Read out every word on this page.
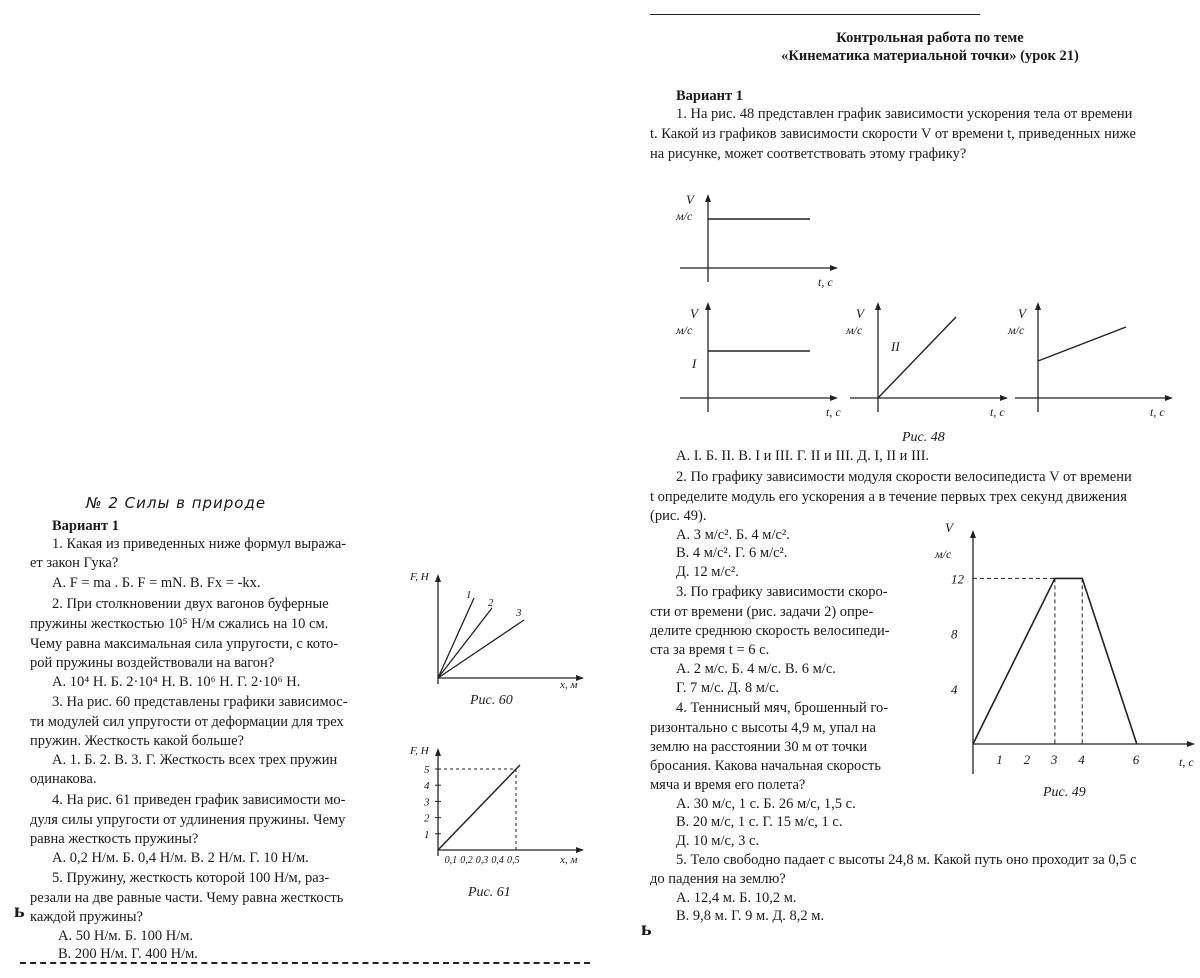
Контрольная работа по теме
«Кинематика материальной точки» (урок 21)
Вариант 1
1. На рис. 48 представлен график зависимости ускорения тела от времени
t. Какой из графиков зависимости скорости V от времени t, приведенных ниже
на рисунке, может соответствовать этому графику?
V
м/с
t, c
V
м/с
I
t, c
V
м/с
II
t, c
V
м/с
t, c
Рис. 48
А. I. Б. II. В. I и III. Г. II и III. Д. I, II и III.
2. По графику зависимости модуля скорости велосипедиста V от времени
t определите модуль его ускорения а в течение первых трех секунд движения
(рис. 49).
А. 3 м/с². Б. 4 м/с².
В. 4 м/с². Г. 6 м/с².
Д. 12 м/с².
3. По графику зависимости скоро-
сти от времени (рис. задачи 2) опре-
делите среднюю скорость велосипеди-
ста за время t = 6 с.
А. 2 м/с. Б. 4 м/с. В. 6 м/с.
Г. 7 м/с. Д. 8 м/с.
4. Теннисный мяч, брошенный го-
ризонтально с высоты 4,9 м, упал на
землю на расстоянии 30 м от точки
бросания. Какова начальная скорость
мяча и время его полета?
А. 30 м/с, 1 с. Б. 26 м/с, 1,5 с.
В. 20 м/с, 1 с. Г. 15 м/с, 1 с.
Д. 10 м/с, 3 с.
5. Тело свободно падает с высоты 24,8 м. Какой путь оно проходит за 0,5 с
до падения на землю?
А. 12,4 м. Б. 10,2 м.
В. 9,8 м. Г. 9 м. Д. 8,2 м.
V
м/с
t, c
12
8
4
1 2 3 4	6
Рис. 49
ь
№ 2 Силы в природе
Вариант 1
1. Какая из приведенных ниже формул выража-
ет закон Гука?
А. F = ma . Б. F = mN. В. Fx = -kx.
2. При столкновении двух вагонов буферные
пружины жесткостью 10⁵ Н/м сжались на 10 см.
Чему равна максимальная сила упругости, с кото-
рой пружины воздействовали на вагон?
А. 10⁴ Н. Б. 2·10⁴ Н. В. 10⁶ Н. Г. 2·10⁶ Н.
3. На рис. 60 представлены графики зависимос-
ти модулей сил упругости от деформации для трех
пружин. Жесткость какой больше?
А. 1. Б. 2. В. 3. Г. Жесткость всех трех пружин
одинакова.
4. На рис. 61 приведен график зависимости мо-
дуля силы упругости от удлинения пружины. Чему
равна жесткость пружины?
А. 0,2 Н/м. Б. 0,4 Н/м. В. 2 Н/м. Г. 10 Н/м.
5. Пружину, жесткость которой 100 Н/м, раз-
резали на две равные части. Чему равна жесткость
каждой пружины?
А. 50 Н/м. Б. 100 Н/м.
В. 200 Н/м. Г. 400 Н/м.
ь
F, H
x, м
1
2
3
Рис. 60
F, H
x, м
5
4
3
2
1
0,1 0,2 0,3 0,4 0,5
Рис. 61
